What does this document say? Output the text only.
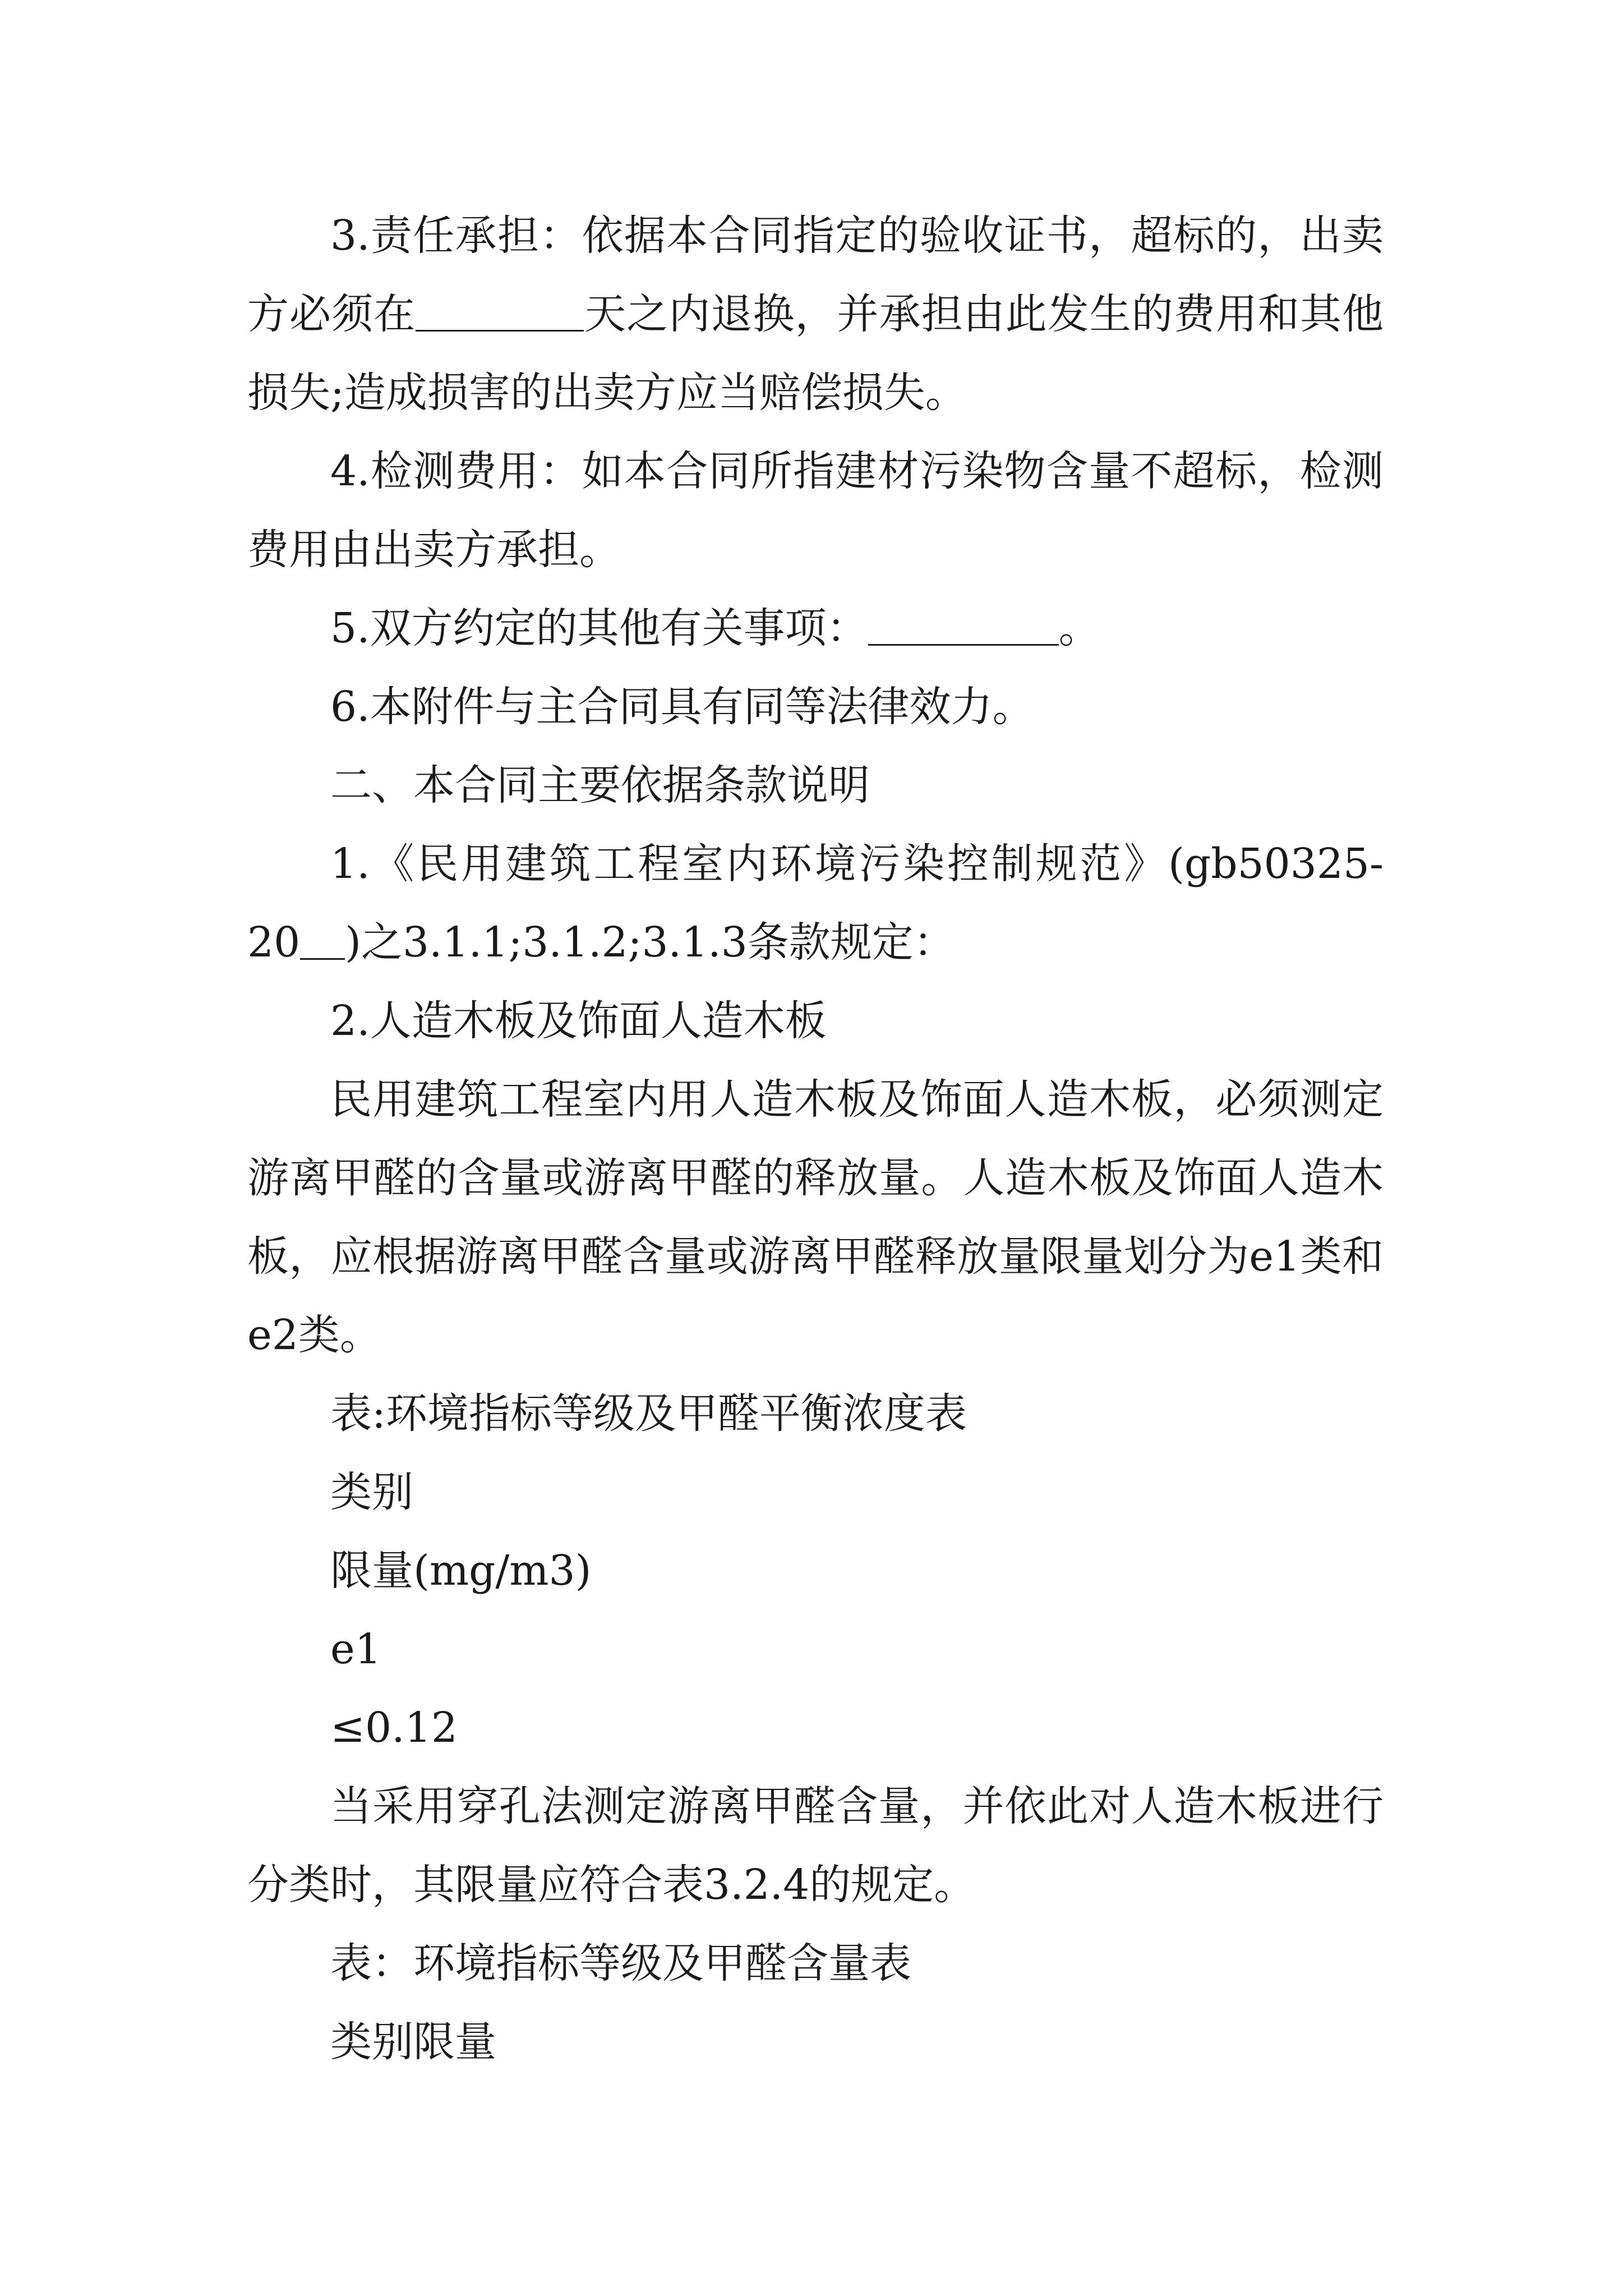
3.责任承担：依据本合同指定的验收证书，超标的，出卖方必须在	天之内退换，并承担由此发生的费用和其他损失;造成损害的出卖方应当赔偿损失。

4.检测费用：如本合同所指建材污染物含量不超标，检测费用由出卖方承担。

5.双方约定的其他有关事项：	。

6.本附件与主合同具有同等法律效力。

二、本合同主要依据条款说明

1.《民用建筑工程室内环境污染控制规范》(gb50325-20 )之3.1.1;3.1.2;3.1.3条款规定：

2.人造木板及饰面人造木板

民用建筑工程室内用人造木板及饰面人造木板，必须测定游离甲醛的含量或游离甲醛的释放量。人造木板及饰面人造木板，应根据游离甲醛含量或游离甲醛释放量限量划分为e1类和e2类。

表:环境指标等级及甲醛平衡浓度表

类别

限量(mg/m3)

e1

≤0.12

当采用穿孔法测定游离甲醛含量，并依此对人造木板进行分类时，其限量应符合表3.2.4的规定。

表：环境指标等级及甲醛含量表

类别限量
